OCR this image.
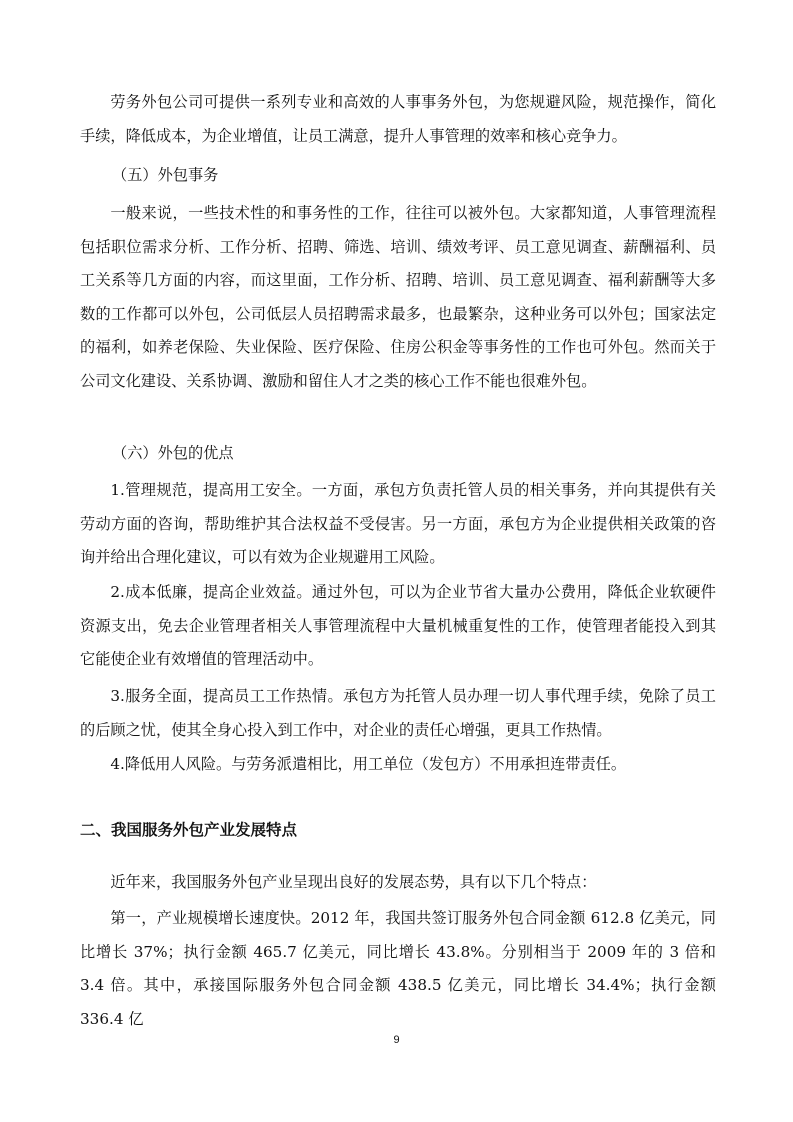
劳务外包公司可提供一系列专业和高效的人事事务外包，为您规避风险，规范操作，简化手续，降低成本，为企业增值，让员工满意，提升人事管理的效率和核心竞争力。

（五）外包事务

一般来说，一些技术性的和事务性的工作，往往可以被外包。大家都知道，人事管理流程包括职位需求分析、工作分析、招聘、筛选、培训、绩效考评、员工意见调查、薪酬福利、员工关系等几方面的内容，而这里面，工作分析、招聘、培训、员工意见调查、福利薪酬等大多数的工作都可以外包，公司低层人员招聘需求最多，也最繁杂，这种业务可以外包；国家法定的福利，如养老保险、失业保险、医疗保险、住房公积金等事务性的工作也可外包。然而关于公司文化建设、关系协调、激励和留住人才之类的核心工作不能也很难外包。

（六）外包的优点

1.管理规范，提高用工安全。一方面，承包方负责托管人员的相关事务，并向其提供有关劳动方面的咨询，帮助维护其合法权益不受侵害。另一方面，承包方为企业提供相关政策的咨询并给出合理化建议，可以有效为企业规避用工风险。

2.成本低廉，提高企业效益。通过外包，可以为企业节省大量办公费用，降低企业软硬件资源支出，免去企业管理者相关人事管理流程中大量机械重复性的工作，使管理者能投入到其它能使企业有效增值的管理活动中。

3.服务全面，提高员工工作热情。承包方为托管人员办理一切人事代理手续，免除了员工的后顾之忧，使其全身心投入到工作中，对企业的责任心增强，更具工作热情。

4.降低用人风险。与劳务派遣相比，用工单位（发包方）不用承担连带责任。

二、我国服务外包产业发展特点

近年来，我国服务外包产业呈现出良好的发展态势，具有以下几个特点：

第一，产业规模增长速度快。2012 年，我国共签订服务外包合同金额 612.8 亿美元，同比增长 37%；执行金额 465.7 亿美元，同比增长 43.8%。分别相当于 2009 年的 3 倍和 3.4 倍。其中，承接国际服务外包合同金额 438.5 亿美元，同比增长 34.4%；执行金额 336.4 亿

9
